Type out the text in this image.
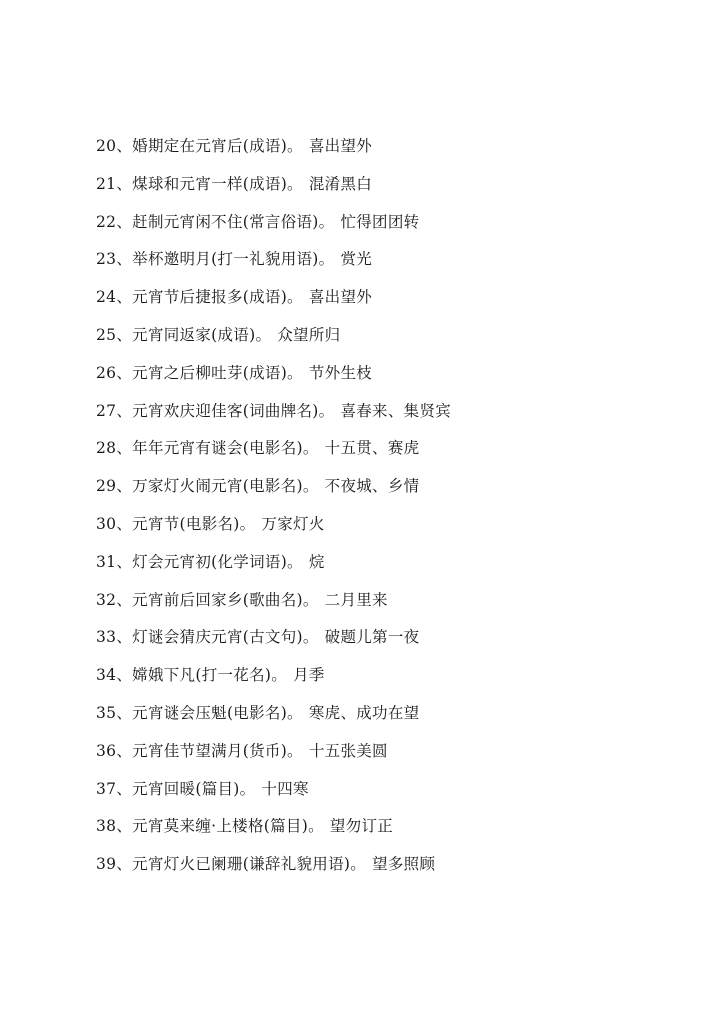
20、婚期定在元宵后(成语)。 喜出望外
21、煤球和元宵一样(成语)。 混淆黑白
22、赶制元宵闲不住(常言俗语)。 忙得团团转
23、举杯邀明月(打一礼貌用语)。 赏光
24、元宵节后捷报多(成语)。 喜出望外
25、元宵同返家(成语)。 众望所归
26、元宵之后柳吐芽(成语)。 节外生枝
27、元宵欢庆迎佳客(词曲牌名)。 喜春来、集贤宾
28、年年元宵有谜会(电影名)。 十五贯、赛虎
29、万家灯火闹元宵(电影名)。 不夜城、乡情
30、元宵节(电影名)。 万家灯火
31、灯会元宵初(化学词语)。 烷
32、元宵前后回家乡(歌曲名)。 二月里来
33、灯谜会猜庆元宵(古文句)。 破题儿第一夜
34、嫦娥下凡(打一花名)。 月季
35、元宵谜会压魁(电影名)。 寒虎、成功在望
36、元宵佳节望满月(货币)。 十五张美圆
37、元宵回暖(篇目)。 十四寒
38、元宵莫来缠·上楼格(篇目)。 望勿订正
39、元宵灯火已阑珊(谦辞礼貌用语)。 望多照顾
